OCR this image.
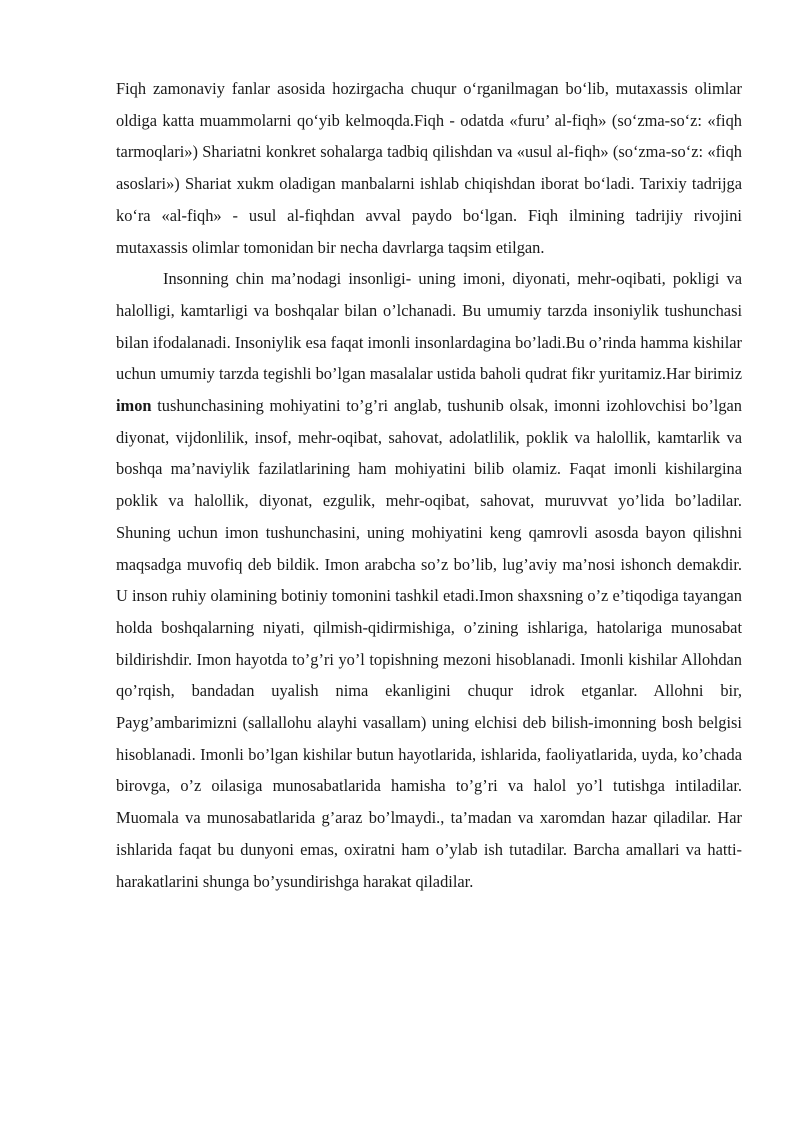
Fiqh zamonaviy fanlar asosida hozirgacha chuqur o‘rganilmagan bo‘lib, mutaxassis olimlar oldiga katta muammolarni qo‘yib kelmoqda.Fiqh - odatda «furu’ al-fiqh» (so‘zma-so‘z: «fiqh tarmoqlari») Shariatni konkret sohalarga tadbiq qilishdan va «usul al-fiqh» (so‘zma-so‘z: «fiqh asoslari») Shariat xukm oladigan manbalarni ishlab chiqishdan iborat bo‘ladi. Tarixiy tadrijga ko‘ra «al-fiqh» - usul al-fiqhdan avval paydo bo‘lgan. Fiqh ilmining tadrijiy rivojini mutaxassis olimlar tomonidan bir necha davrlarga taqsim etilgan.

Insonning chin ma’nodagi insonligi- uning imoni, diyonati, mehr-oqibati, pokligi va halolligi, kamtarligi va boshqalar bilan o’lchanadi. Bu umumiy tarzda insoniylik tushunchasi bilan ifodalanadi. Insoniylik esa faqat imonli insonlardagina bo’ladi.Bu o’rinda hamma kishilar uchun umumiy tarzda tegishli bo’lgan masalalar ustida baholi qudrat fikr yuritamiz.Har birimiz imon tushunchasining mohiyatini to’g’ri anglab, tushunib olsak, imonni izohlovchisi bo’lgan diyonat, vijdonlilik, insof, mehr-oqibat, sahovat, adolatlilik, poklik va halollik, kamtarlik va boshqa ma’naviylik fazilatlarining ham mohiyatini bilib olamiz. Faqat imonli kishilargina poklik va halollik, diyonat, ezgulik, mehr-oqibat, sahovat, muruvvat yo’lida bo’ladilar. Shuning uchun imon tushunchasini, uning mohiyatini keng qamrovli asosda bayon qilishni maqsadga muvofiq deb bildik. Imon arabcha so’z bo’lib, lug’aviy ma’nosi ishonch demakdir. U inson ruhiy olamining botiniy tomonini tashkil etadi.Imon shaxsning o’z e’tiqodiga tayangan holda boshqalarning niyati, qilmish-qidirmishiga, o’zining ishlariga, hatolariga munosabat bildirishdir. Imon hayotda to’g’ri yo’l topishning mezoni hisoblanadi. Imonli kishilar Allohdan qo’rqish, bandadan uyalish nima ekanligini chuqur idrok etganlar. Allohni bir, Payg’ambarimizni (sallallohu alayhi vasallam) uning elchisi deb bilish-imonning bosh belgisi hisoblanadi. Imonli bo’lgan kishilar butun hayotlarida, ishlarida, faoliyatlarida, uyda, ko’chada birovga, o’z oilasiga munosabatlarida hamisha to’g’ri va halol yo’l tutishga intiladilar. Muomala va munosabatlarida g’araz bo’lmaydi., ta’madan va xaromdan hazar qiladilar. Har ishlarida faqat bu dunyoni emas, oxiratni ham o’ylab ish tutadilar. Barcha amallari va hatti-harakatlarini shunga bo’ysundirishga harakat qiladilar.
